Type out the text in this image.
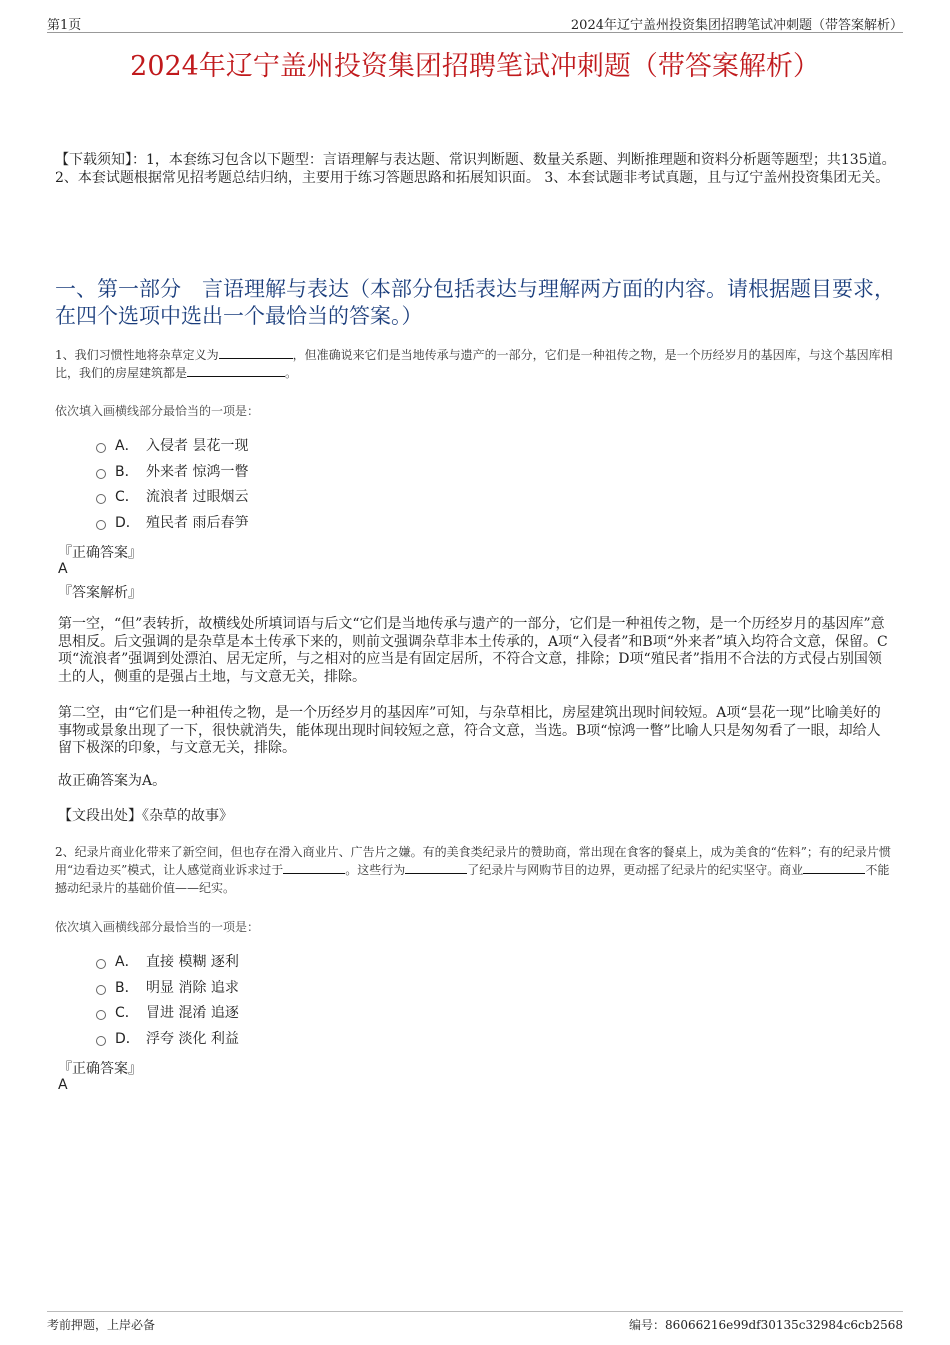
第1页	2024年辽宁盖州投资集团招聘笔试冲刺题（带答案解析）
2024年辽宁盖州投资集团招聘笔试冲刺题（带答案解析）
【下载须知】：1，本套练习包含以下题型：言语理解与表达题、常识判断题、数量关系题、判断推理题和资料分析题等题型；共135道。 2、本套试题根据常见招考题总结归纳，主要用于练习答题思路和拓展知识面。 3、本套试题非考试真题，且与辽宁盖州投资集团无关。
一、第一部分　言语理解与表达（本部分包括表达与理解两方面的内容。请根据题目要求，在四个选项中选出一个最恰当的答案。）
1、我们习惯性地将杂草定义为	，但准确说来它们是当地传承与遗产的一部分，它们是一种祖传之物，是一个历经岁月的基因库，与这个基因库相比，我们的房屋建筑都是	。
依次填入画横线部分最恰当的一项是：
A． 入侵者 昙花一现
B． 外来者 惊鸿一瞥
C． 流浪者 过眼烟云
D． 殖民者 雨后春笋
『正确答案』
A
『答案解析』
第一空，“但”表转折，故横线处所填词语与后文“它们是当地传承与遗产的一部分，它们是一种祖传之物，是一个历经岁月的基因库”意思相反。后文强调的是杂草是本土传承下来的，则前文强调杂草非本土传承的，A项“入侵者”和B项“外来者”填入均符合文意，保留。C项“流浪者”强调到处漂泊、居无定所，与之相对的应当是有固定居所，不符合文意，排除；D项“殖民者”指用不合法的方式侵占别国领土的人，侧重的是强占土地，与文意无关，排除。
第二空，由“它们是一种祖传之物，是一个历经岁月的基因库”可知，与杂草相比，房屋建筑出现时间较短。A项“昙花一现”比喻美好的事物或景象出现了一下，很快就消失，能体现出现时间较短之意，符合文意，当选。B项“惊鸿一瞥”比喻人只是匆匆看了一眼，却给人留下极深的印象，与文意无关，排除。
故正确答案为A。
【文段出处】《杂草的故事》
2、纪录片商业化带来了新空间，但也存在滑入商业片、广告片之嫌。有的美食类纪录片的赞助商，常出现在食客的餐桌上，成为美食的“佐料”；有的纪录片惯用“边看边买”模式，让人感觉商业诉求过于	。这些行为	了纪录片与网购节目的边界，更动摇了纪录片的纪实坚守。商业	不能撼动纪录片的基础价值——纪实。
依次填入画横线部分最恰当的一项是：
A． 直接 模糊 逐利
B． 明显 消除 追求
C． 冒进 混淆 追逐
D． 浮夸 淡化 利益
『正确答案』
A
考前押题，上岸必备	编号：86066216e99df30135c32984c6cb2568
